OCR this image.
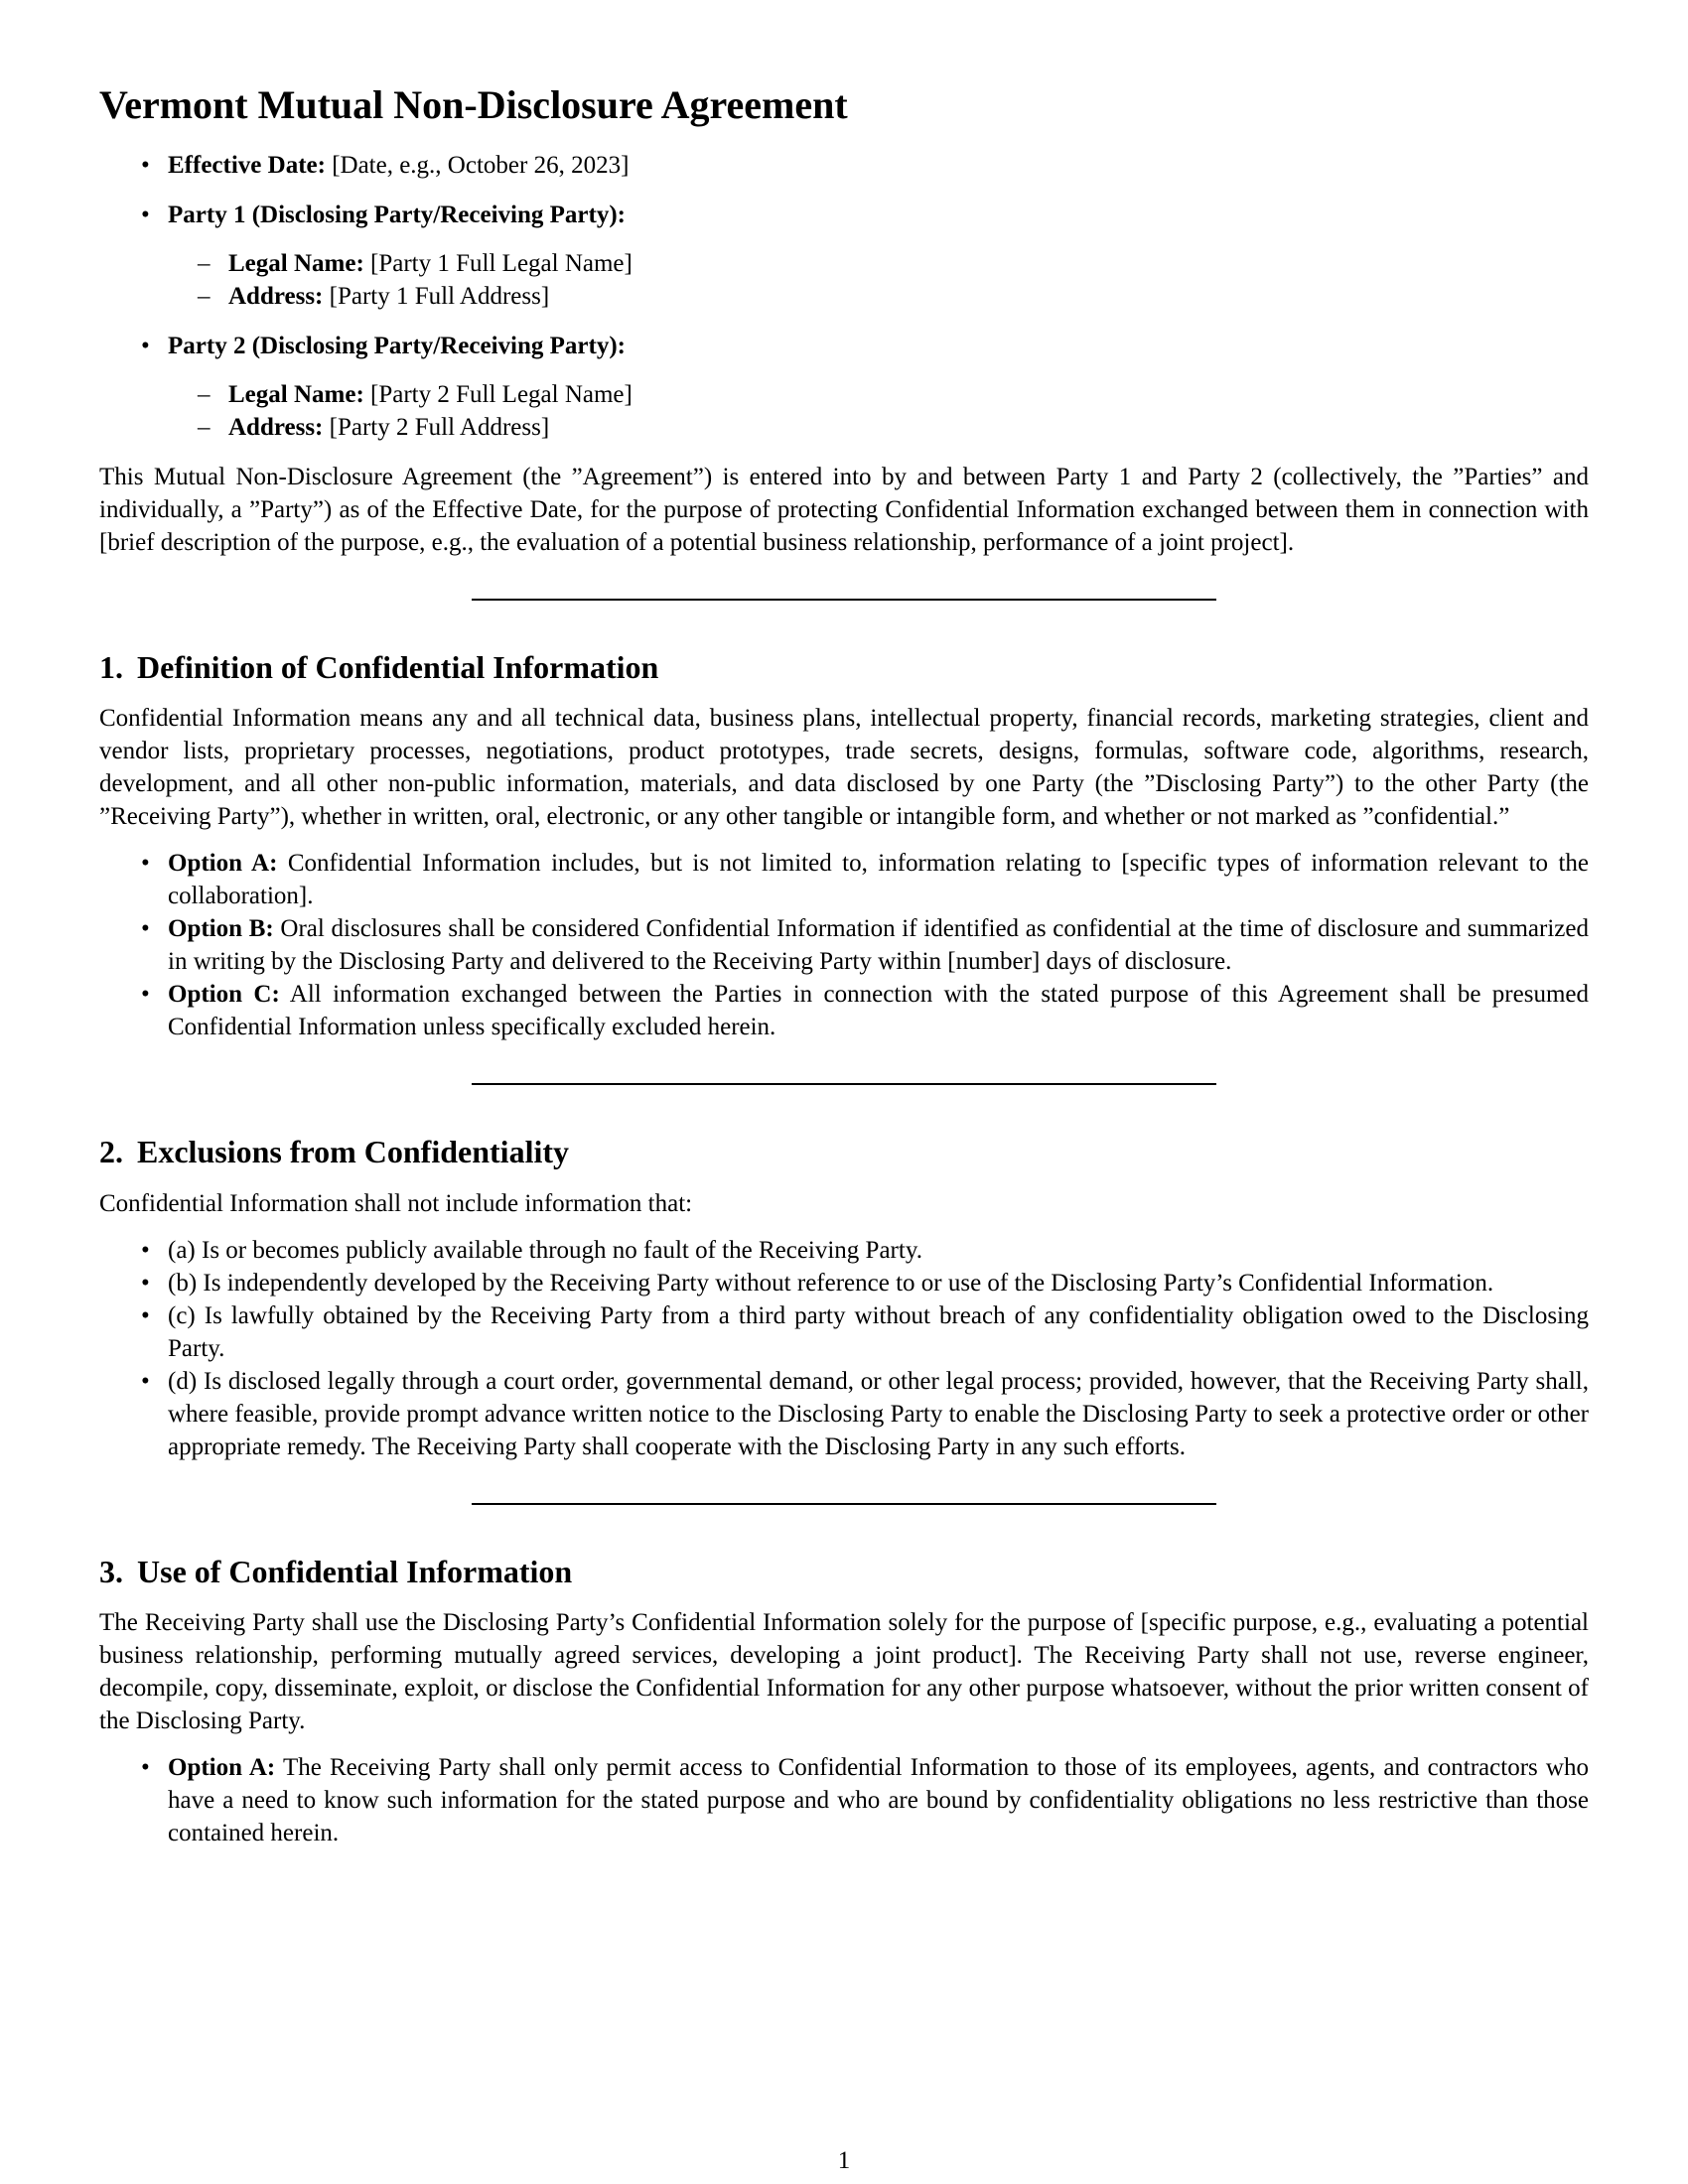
Vermont Mutual Non-Disclosure Agreement
• Effective Date: [Date, e.g., October 26, 2023]
• Party 1 (Disclosing Party/Receiving Party):
– Legal Name: [Party 1 Full Legal Name]
– Address: [Party 1 Full Address]
• Party 2 (Disclosing Party/Receiving Party):
– Legal Name: [Party 2 Full Legal Name]
– Address: [Party 2 Full Address]

This Mutual Non-Disclosure Agreement (the ”Agreement”) is entered into by and between Party 1 and Party 2 (collectively, the ”Parties” and individually, a ”Party”) as of the Effective Date, for the purpose of protecting Confidential Information exchanged between them in connection with [brief description of the purpose, e.g., the evaluation of a potential business relationship, performance of a joint project].

1. Definition of Confidential Information

Confidential Information means any and all technical data, business plans, intellectual property, financial records, marketing strategies, client and vendor lists, proprietary processes, negotiations, product prototypes, trade secrets, designs, formulas, software code, algorithms, research, development, and all other non-public information, materials, and data disclosed by one Party (the ”Disclosing Party”) to the other Party (the ”Receiving Party”), whether in written, oral, electronic, or any other tangible or intangible form, and whether or not marked as ”confidential.”

• Option A: Confidential Information includes, but is not limited to, information relating to [specific types of information relevant to the collaboration].
• Option B: Oral disclosures shall be considered Confidential Information if identified as confidential at the time of disclosure and summarized in writing by the Disclosing Party and delivered to the Receiving Party within [number] days of disclosure.
• Option C: All information exchanged between the Parties in connection with the stated purpose of this Agreement shall be presumed Confidential Information unless specifically excluded herein.
2. Exclusions from Confidentiality

Confidential Information shall not include information that:

• (a) Is or becomes publicly available through no fault of the Receiving Party.
• (b) Is independently developed by the Receiving Party without reference to or use of the Disclosing Party’s Confidential Information.
• (c) Is lawfully obtained by the Receiving Party from a third party without breach of any confidentiality obligation owed to the Disclosing Party.
• (d) Is disclosed legally through a court order, governmental demand, or other legal process; provided, however, that the Receiving Party shall, where feasible, provide prompt advance written notice to the Disclosing Party to enable the Disclosing Party to seek a protective order or other appropriate remedy. The Receiving Party shall cooperate with the Disclosing Party in any such efforts.
3. Use of Confidential Information

The Receiving Party shall use the Disclosing Party’s Confidential Information solely for the purpose of [specific purpose, e.g., evaluating a potential business relationship, performing mutually agreed services, developing a joint product]. The Receiving Party shall not use, reverse engineer, decompile, copy, disseminate, exploit, or disclose the Confidential Information for any other purpose whatsoever, without the prior written consent of the Disclosing Party.

• Option A: The Receiving Party shall only permit access to Confidential Information to those of its employees, agents, and contractors who have a need to know such information for the stated purpose and who are bound by confidentiality obligations no less restrictive than those contained herein.
1
